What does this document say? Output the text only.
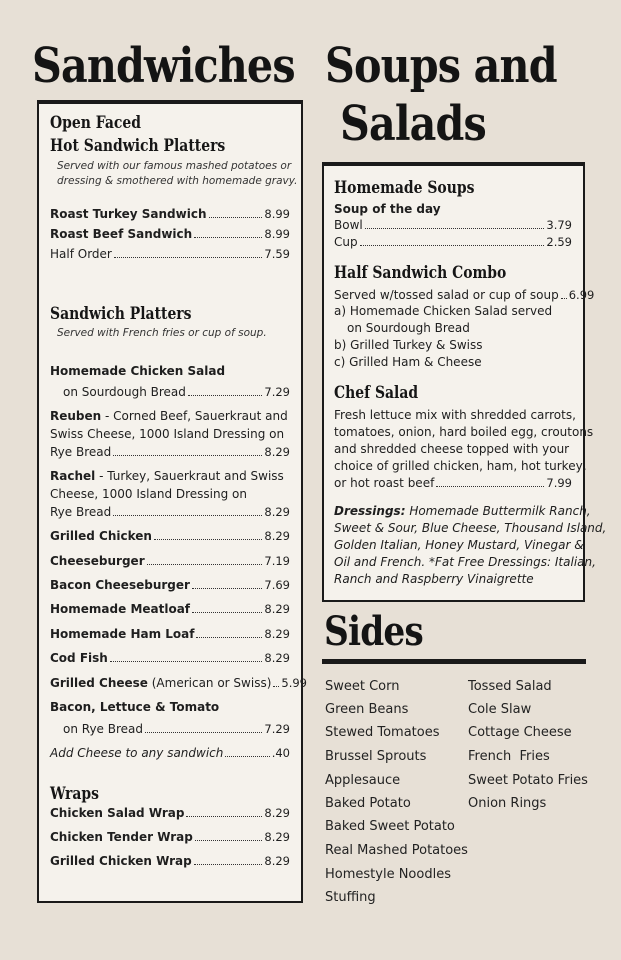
Sandwiches Soups and
Salads
Open Faced
Hot Sandwich Platters
Served with our famous mashed potatoes or
dressing & smothered with homemade gravy.
Roast Turkey Sandwich	8.99
Roast Beef Sandwich	8.99
Half Order	7.59
Sandwich Platters
Served with French fries or cup of soup.
Homemade Chicken Salad
on Sourdough Bread	7.29
Reuben - Corned Beef, Sauerkraut and
Swiss Cheese, 1000 Island Dressing on
Rye Bread	8.29
Rachel - Turkey, Sauerkraut and Swiss
Cheese, 1000 Island Dressing on
Rye Bread	8.29
Grilled Chicken	8.29
Cheeseburger	7.19
Bacon Cheeseburger	7.69
Homemade Meatloaf	8.29
Homemade Ham Loaf	8.29
Cod Fish	8.29
Grilled Cheese (American or Swiss) 5.99
Bacon, Lettuce & Tomato
on Rye Bread	7.29
Add Cheese to any sandwich	.40
Wraps
Chicken Salad Wrap	8.29
Chicken Tender Wrap	8.29
Grilled Chicken Wrap	8.29
Homemade Soups
Soup of the day
Bowl	3.79
Cup	2.59
Half Sandwich Combo
Served w/tossed salad or cup of soup 6.99
a) Homemade Chicken Salad served
on Sourdough Bread
b) Grilled Turkey & Swiss
c) Grilled Ham & Cheese
Chef Salad
Fresh lettuce mix with shredded carrots,
tomatoes, onion, hard boiled egg, croutons
and shredded cheese topped with your
choice of grilled chicken, ham, hot turkey,
or hot roast beef	7.99
Dressings: Homemade Buttermilk Ranch,
Sweet & Sour, Blue Cheese, Thousand Island,
Golden Italian, Honey Mustard, Vinegar &
Oil and French. *Fat Free Dressings: Italian,
Ranch and Raspberry Vinaigrette
Sides
Sweet Corn
Green Beans
Stewed Tomatoes
Brussel Sprouts
Applesauce
Baked Potato
Baked Sweet Potato
Real Mashed Potatoes
Homestyle Noodles
Stuffing
Tossed Salad
Cole Slaw
Cottage Cheese
French  Fries
Sweet Potato Fries
Onion Rings
